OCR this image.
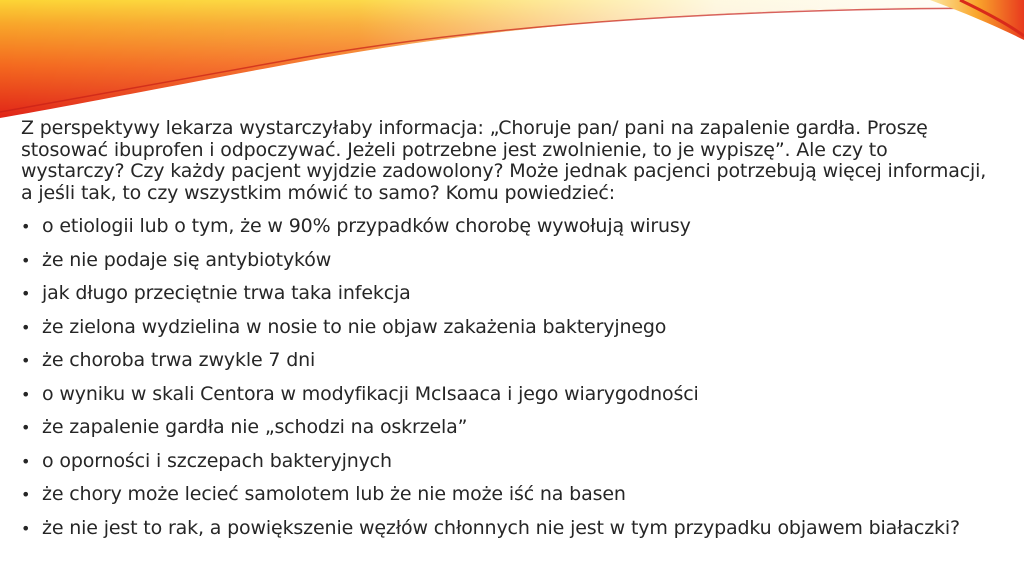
Z perspektywy lekarza wystarczyłaby informacja: „Choruje pan/ pani na zapalenie gardła. Proszę stosować ibuprofen i odpoczywać. Jeżeli potrzebne jest zwolnienie, to je wypiszę”. Ale czy to wystarczy? Czy każdy pacjent wyjdzie zadowolony? Może jednak pacjenci potrzebują więcej informacji, a jeśli tak, to czy wszystkim mówić to samo? Komu powiedzieć:

• o etiologii lub o tym, że w 90% przypadków chorobę wywołują wirusy
• że nie podaje się antybiotyków
• jak długo przeciętnie trwa taka infekcja
• że zielona wydzielina w nosie to nie objaw zakażenia bakteryjnego
• że choroba trwa zwykle 7 dni
• o wyniku w skali Centora w modyfikacji McIsaaca i jego wiarygodności
• że zapalenie gardła nie „schodzi na oskrzela”
• o oporności i szczepach bakteryjnych
• że chory może lecieć samolotem lub że nie może iść na basen
• że nie jest to rak, a powiększenie węzłów chłonnych nie jest w tym przypadku objawem białaczki?
